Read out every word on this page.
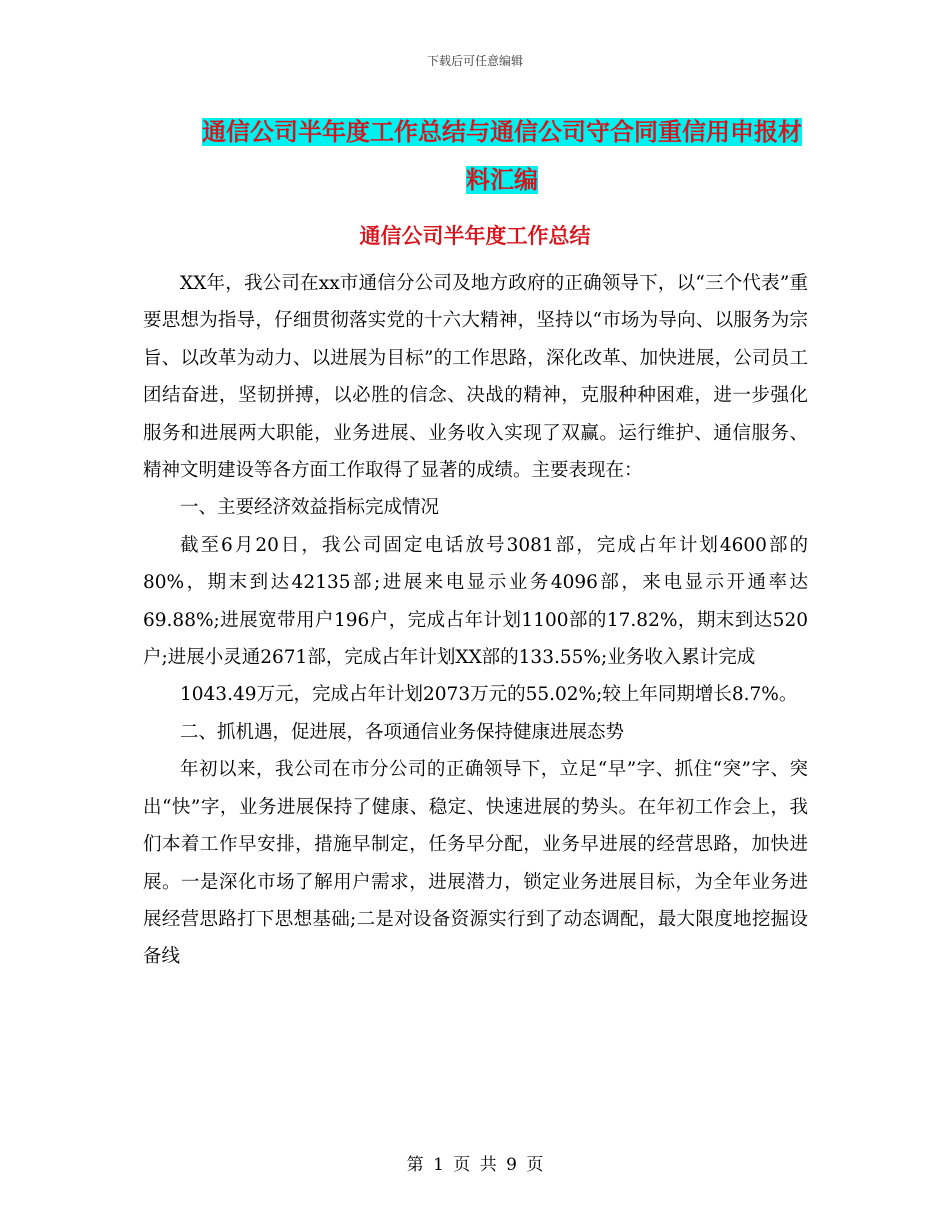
下载后可任意编辑
通信公司半年度工作总结与通信公司守合同重信用申报材料汇编
通信公司半年度工作总结

XX年，我公司在xx市通信分公司及地方政府的正确领导下，以“三个代表”重要思想为指导，仔细贯彻落实党的十六大精神，坚持以“市场为导向、以服务为宗旨、以改革为动力、以进展为目标”的工作思路，深化改革、加快进展，公司员工团结奋进，坚韧拼搏，以必胜的信念、决战的精神，克服种种困难，进一步强化服务和进展两大职能，业务进展、业务收入实现了双赢。运行维护、通信服务、精神文明建设等各方面工作取得了显著的成绩。主要表现在：

一、主要经济效益指标完成情况

截至6月20日，我公司固定电话放号3081部，完成占年计划4600部的80%，期末到达42135部;进展来电显示业务4096部，来电显示开通率达69.88%;进展宽带用户196户，完成占年计划1100部的17.82%，期末到达520户;进展小灵通2671部，完成占年计划XX部的133.55%;业务收入累计完成

1043.49万元，完成占年计划2073万元的55.02%;较上年同期增长8.7%。

二、抓机遇，促进展，各项通信业务保持健康进展态势

年初以来，我公司在市分公司的正确领导下，立足“早”字、抓住“突”字、突出“快”字，业务进展保持了健康、稳定、快速进展的势头。在年初工作会上，我们本着工作早安排，措施早制定，任务早分配，业务早进展的经营思路，加快进展。一是深化市场了解用户需求，进展潜力，锁定业务进展目标，为全年业务进展经营思路打下思想基础;二是对设备资源实行到了动态调配，最大限度地挖掘设备线

第 1 页 共 9 页
